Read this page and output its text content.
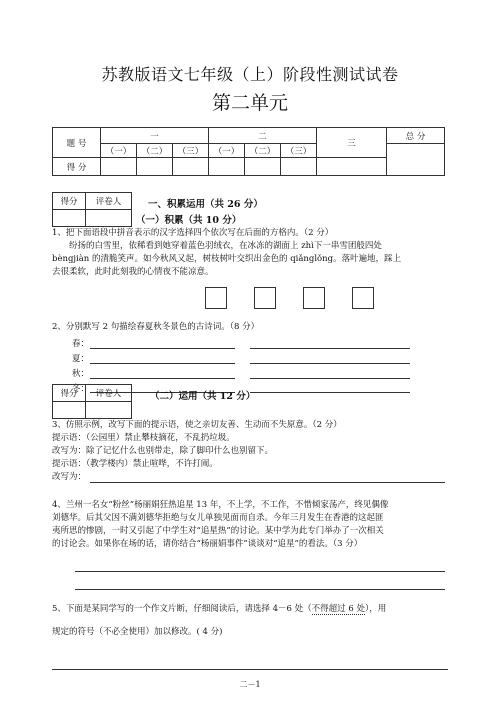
苏教版语文七年级（上）阶段性测试试卷
第二单元
题 号	一			二			三	总 分
	（一）	（二）	（三）	（一）	（二）	（三）		
得 分								
得分	评卷人
		一、积累运用（共 26 分）
（一）积累（共 10 分）
1、把下面语段中拼音表示的汉字选择四个依次写在后面的方格内。（2 分）
纷扬的白雪里，依稀看到她穿着蓝色羽绒衣，在冰冻的湖面上 zhì下一串雪团般四处
bèngjiàn 的清脆笑声。如今秋风又起，树枝树叶交织出金色的 qiǎnglǒng。落叶遍地，踩上
去很柔软，此时此刻我的心情夜不能凉意。
2、分别默写 2 句描绘春夏秋冬景色的古诗词。（8 分）
春：
夏：
秋：
冬：
得分	评卷人
		（二）运用（共 12 分）
3、仿照示例，改写下面的提示语，使之亲切友善、生动而不失原意。（2 分）
提示语：（公园里）禁止攀枝摘花，不乱扔垃圾。
改写为：除了记忆什么也别带走，除了脚印什么也别留下。
提示语：（教学楼内）禁止喧哗，不许打闹。
改写为：
4、兰州一名女“粉丝”杨丽娟狂热追星 13 年，不上学，不工作，不惜倾家荡产，终见偶像
刘德华。后其父因不满刘德华拒绝与女儿单独见面而自杀。今年三月发生在香港的这起匪
夷所思的惨剧，一时又引起了中学生对“追星热”的讨论。某中学为此专门举办了一次相关
的讨论会。如果你在场的话，请你结合“杨丽娟事件”谈谈对“追星”的看法。（3 分）
5、下面是某同学写的一个作文片断，仔细阅读后，请选择 4－6 处（不得超过 6 处），用
规定的符号（不必全使用）加以修改。( 4 分)
二－1
